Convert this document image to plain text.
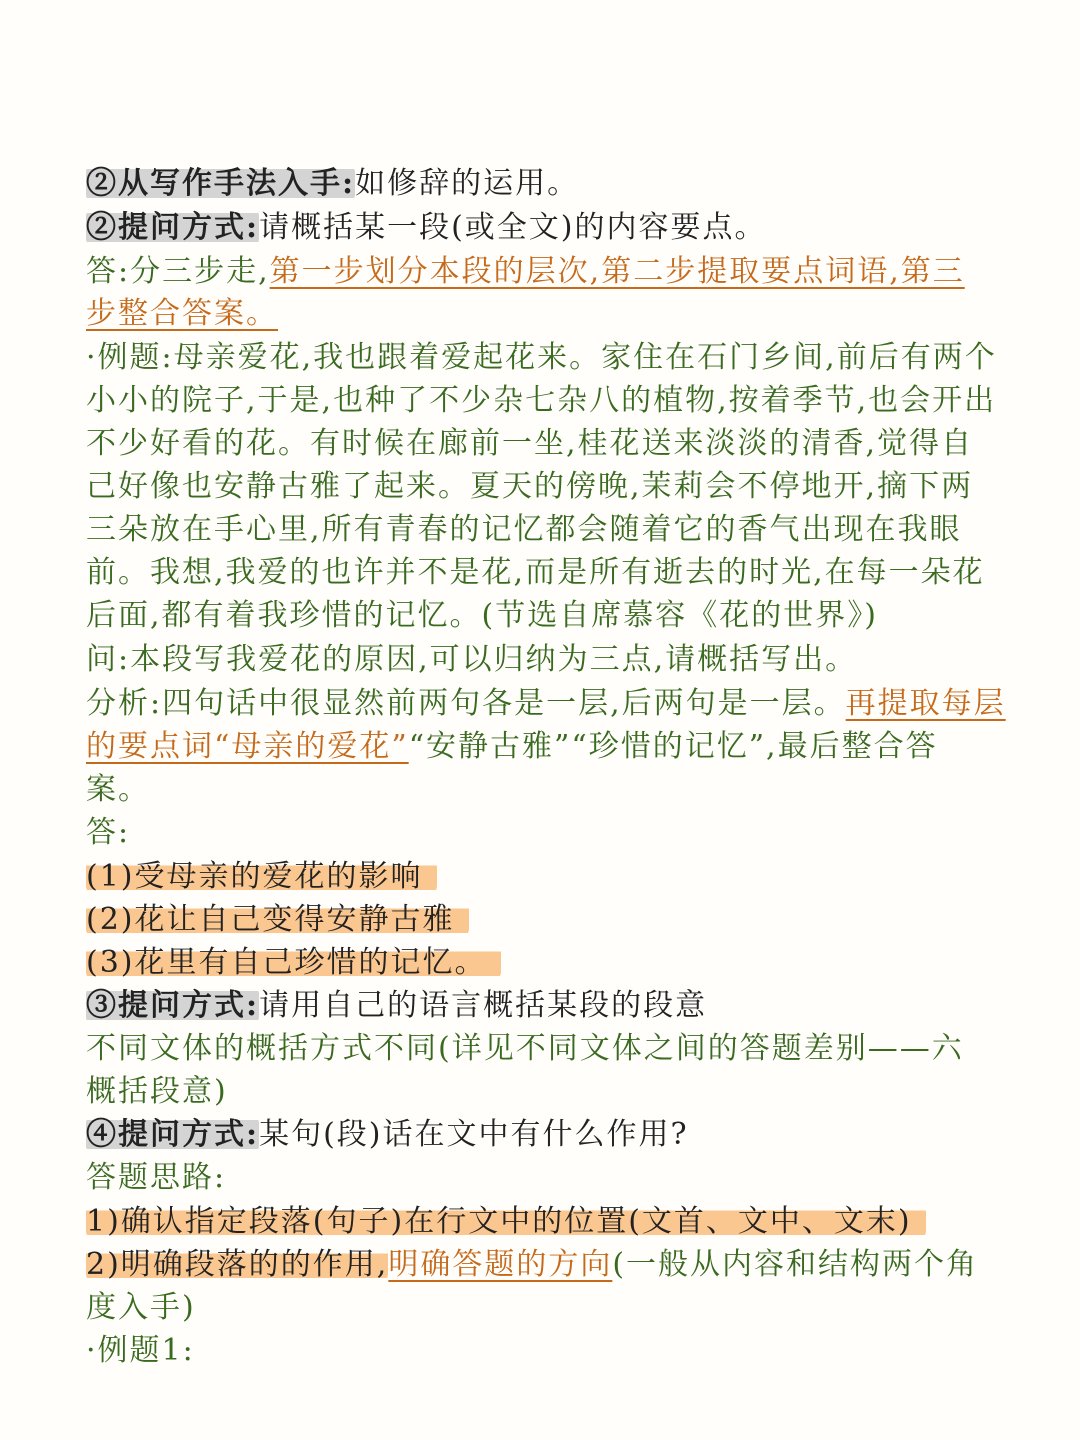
②从写作手法入手:如修辞的运用。
②提问方式:请概括某一段(或全文)的内容要点。
答:分三步走,第一步划分本段的层次,第二步提取要点词语,第三
步整合答案。
·例题:母亲爱花,我也跟着爱起花来。家住在石门乡间,前后有两个
小小的院子,于是,也种了不少杂七杂八的植物,按着季节,也会开出
不少好看的花。有时候在廊前一坐,桂花送来淡淡的清香,觉得自
己好像也安静古雅了起来。夏天的傍晚,茉莉会不停地开,摘下两
三朵放在手心里,所有青春的记忆都会随着它的香气出现在我眼
前。我想,我爱的也许并不是花,而是所有逝去的时光,在每一朵花
后面,都有着我珍惜的记忆。(节选自席慕容《花的世界》)
问:本段写我爱花的原因,可以归纳为三点,请概括写出。
分析:四句话中很显然前两句各是一层,后两句是一层。再提取每层
的要点词“母亲的爱花”“安静古雅”“珍惜的记忆”,最后整合答
案。
答:
(1)受母亲的爱花的影响
(2)花让自己变得安静古雅
(3)花里有自己珍惜的记忆。
③提问方式:请用自己的语言概括某段的段意
不同文体的概括方式不同(详见不同文体之间的答题差别——六
概括段意)
④提问方式:某句(段)话在文中有什么作用?
答题思路:
1)确认指定段落(句子)在行文中的位置(文首、文中、文末)
2)明确段落的的作用,明确答题的方向(一般从内容和结构两个角
度入手)
·例题1:
